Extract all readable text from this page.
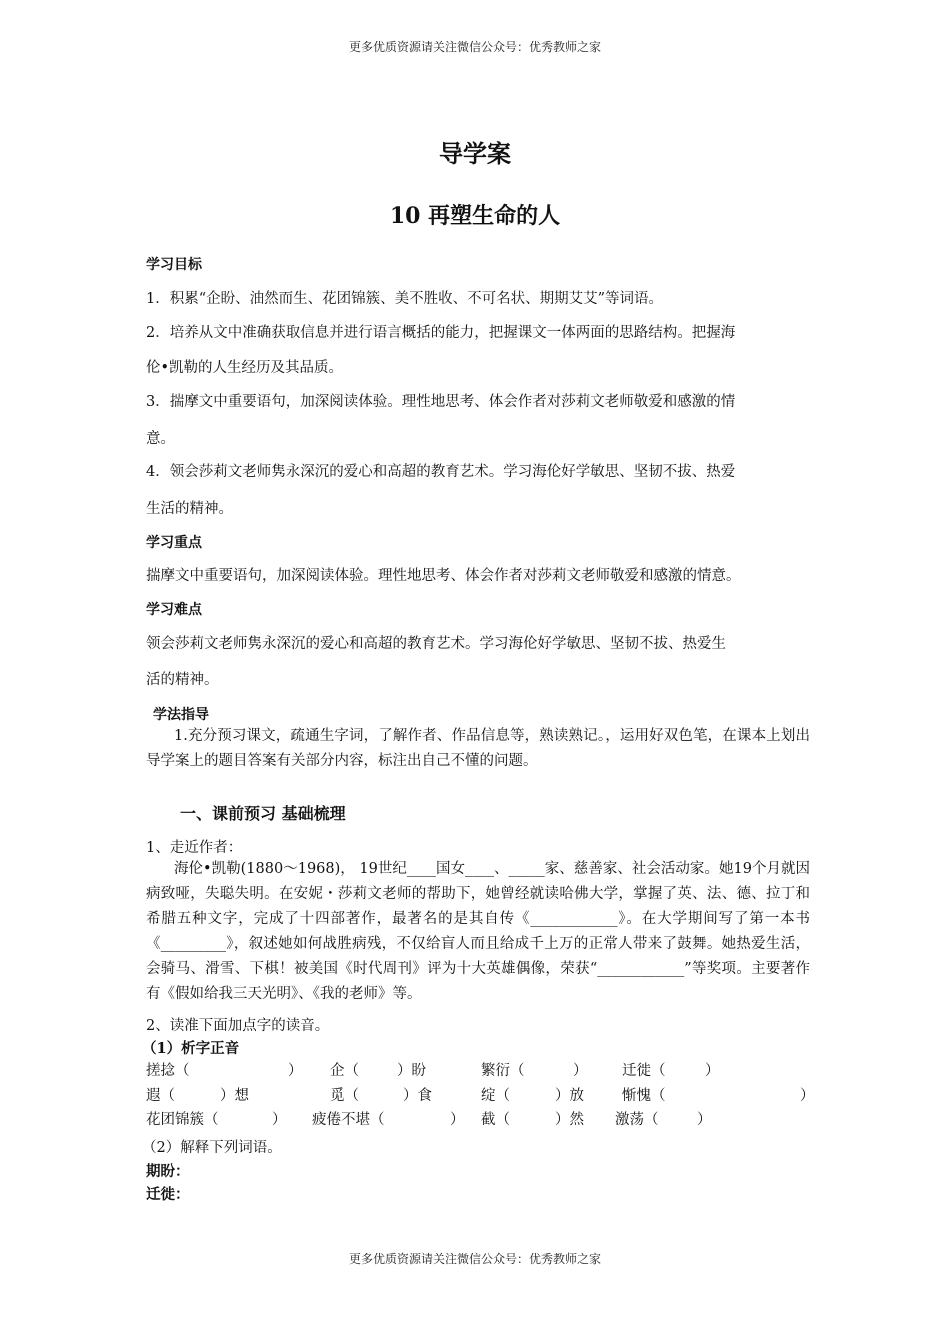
更多优质资源请关注微信公众号：优秀教师之家
导学案
10 再塑生命的人
学习目标
1．积累“企盼、油然而生、花团锦簇、美不胜收、不可名状、期期艾艾”等词语。
2．培养从文中准确获取信息并进行语言概括的能力，把握课文一体两面的思路结构。把握海
伦•凯勒的人生经历及其品质。
3．揣摩文中重要语句，加深阅读体验。理性地思考、体会作者对莎莉文老师敬爱和感激的情
意。
4．领会莎莉文老师隽永深沉的爱心和高超的教育艺术。学习海伦好学敏思、坚韧不拔、热爱
生活的精神。
学习重点
揣摩文中重要语句，加深阅读体验。理性地思考、体会作者对莎莉文老师敬爱和感激的情意。
学习难点
领会莎莉文老师隽永深沉的爱心和高超的教育艺术。学习海伦好学敏思、坚韧不拔、热爱生
活的精神。
学法指导
1.充分预习课文，疏通生字词，了解作者、作品信息等，熟读熟记。，运用好双色笔，在课本上划出导学案上的题目答案有关部分内容，标注出自己不懂的问题。
一、课前预习 基础梳理
1、走近作者：
海伦•凯勒(1880～1968)， 19世纪____国女____、_____家、慈善家、社会活动家。她19个月就因病致哑，失聪失明。在安妮・莎莉文老师的帮助下，她曾经就读哈佛大学，掌握了英、法、德、拉丁和希腊五种文字，完成了十四部著作，最著名的是其自传《____________》。在大学期间写了第一本书《_________》，叙述她如何战胜病残，不仅给盲人而且给成千上万的正常人带来了鼓舞。她热爱生活，会骑马、滑雪、下棋！被美国《时代周刊》评为十大英雄偶像，荣获“____________”等奖项。主要著作有《假如给我三天光明》、《我的老师》等。
2、读准下面加点字的读音。
（1）析字正音
搓捻（	） 企（	）盼	繁衍（	） 迁徙（	）
遐（	）想	觅（	）食	绽（	）放	惭愧（	）
花团锦簇（	） 疲倦不堪（	） 截（	）然 激荡（	）
（2）解释下列词语。
期盼：
迁徙：
更多优质资源请关注微信公众号：优秀教师之家
